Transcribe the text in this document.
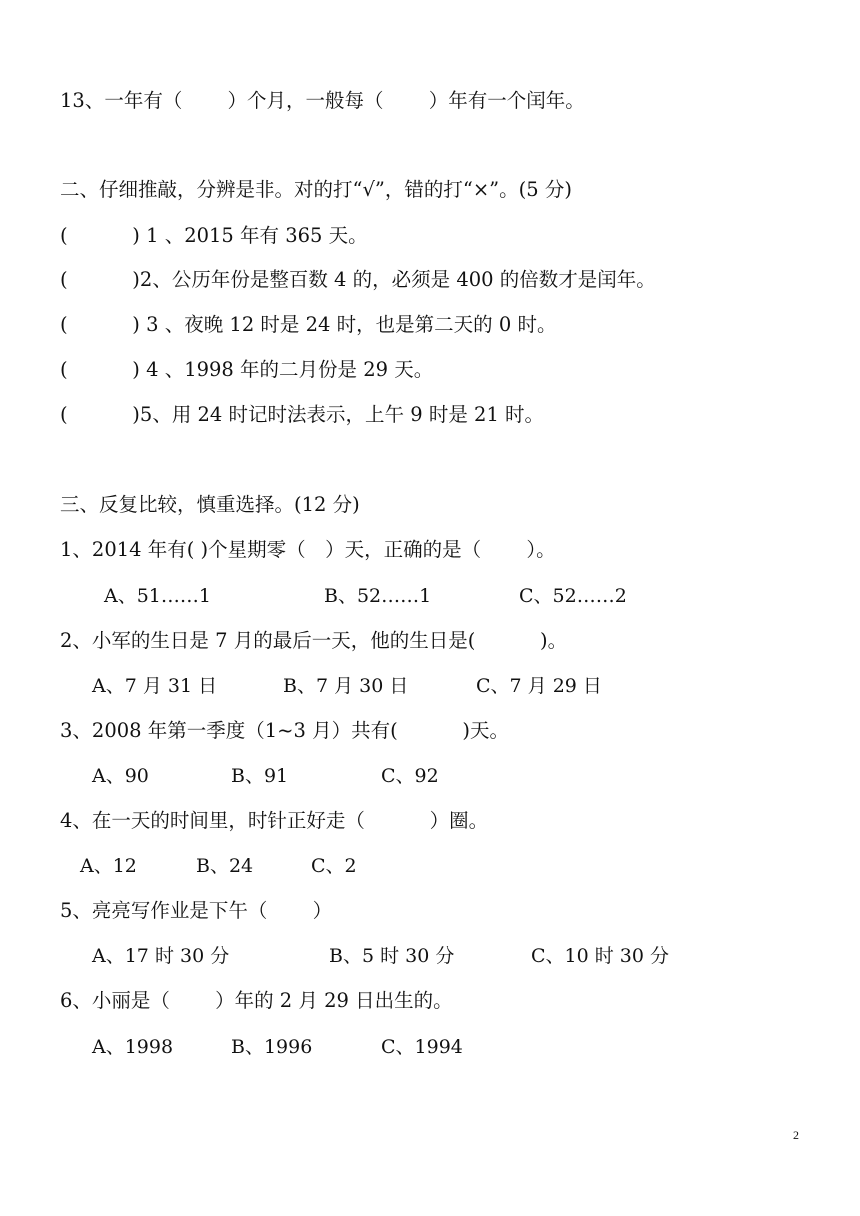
13、一年有（　　 ）个月，一般每（　　 ）年有一个闰年。
二、仔细推敲，分辨是非。对的打“√”，错的打“×”。(5 分)
(　　　 ) 1 、2015 年有 365 天。
(　　　 )2、公历年份是整百数 4 的，必须是 400 的倍数才是闰年。
(　　　 ) 3 、夜晚 12 时是 24 时，也是第二天的 0 时。
(　　　 ) 4 、1998 年的二月份是 29 天。
(　　　 )5、用 24 时记时法表示，上午 9 时是 21 时。
三、反复比较，慎重选择。(12 分)
1、2014 年有( )个星期零（　）天，正确的是（　　 ）。
A、51……1	B、52……1	C、52……2
2、小军的生日是 7 月的最后一天，他的生日是(　　　 )。
A、7 月 31 日	B、7 月 30 日	C、7 月 29 日
3、2008 年第一季度（1~3 月）共有(　　　 )天。
A、90	B、91	C、92
4、在一天的时间里，时针正好走（　　　 ）圈。
A、12	B、24	C、2
5、亮亮写作业是下午（　　 ）
A、17 时 30 分	B、5 时 30 分	C、10 时 30 分
6、小丽是（　　 ）年的 2 月 29 日出生的。
A、1998	B、1996	C、1994
2
